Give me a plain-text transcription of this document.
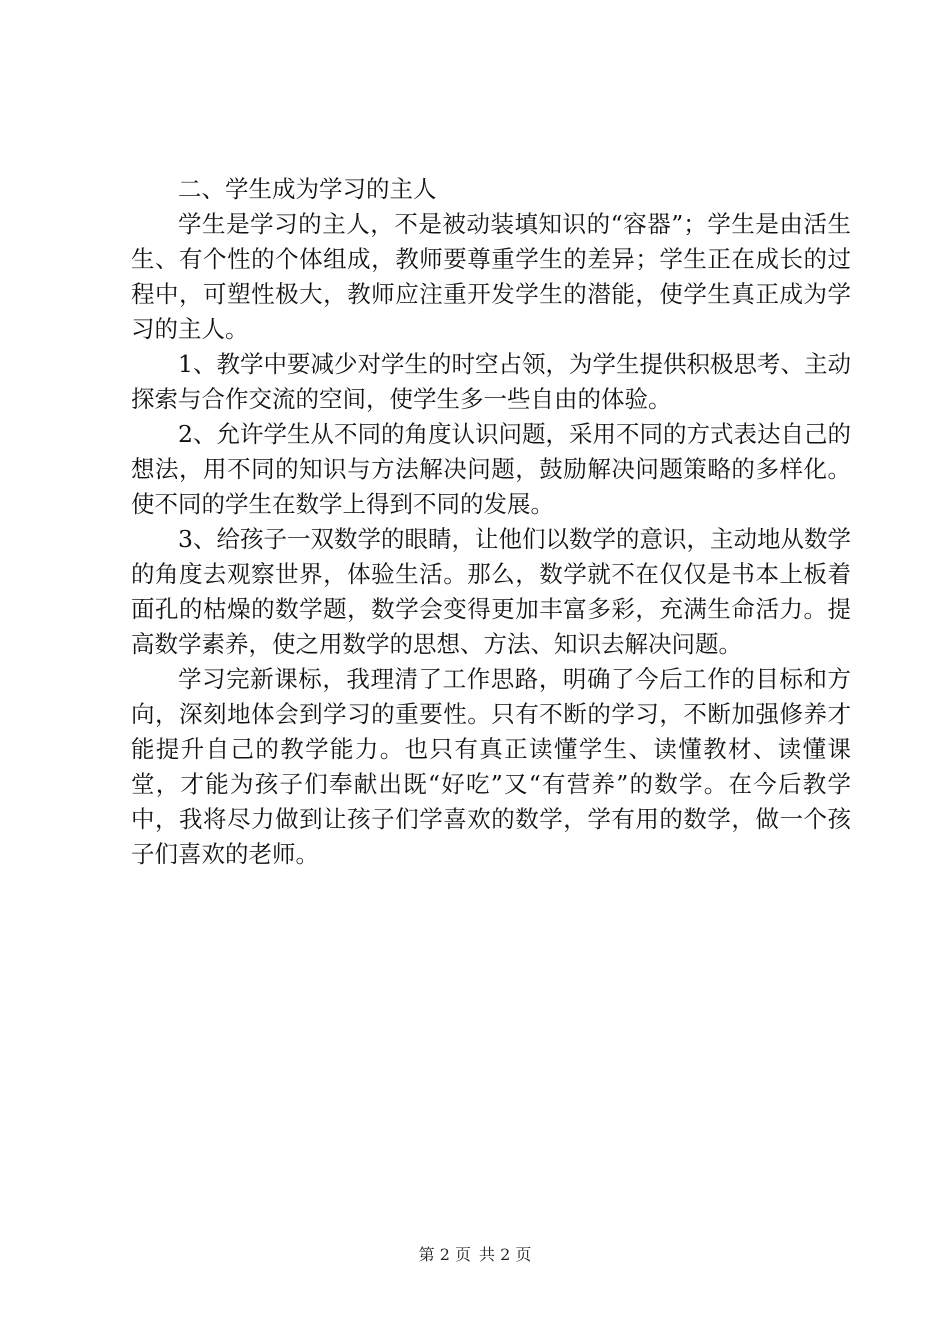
二、学生成为学习的主人

学生是学习的主人，不是被动装填知识的“容器”；学生是由活生生、有个性的个体组成，教师要尊重学生的差异；学生正在成长的过程中，可塑性极大，教师应注重开发学生的潜能，使学生真正成为学习的主人。

1、教学中要减少对学生的时空占领，为学生提供积极思考、主动探索与合作交流的空间，使学生多一些自由的体验。

2、允许学生从不同的角度认识问题，采用不同的方式表达自己的想法，用不同的知识与方法解决问题，鼓励解决问题策略的多样化。使不同的学生在数学上得到不同的发展。

3、给孩子一双数学的眼睛，让他们以数学的意识，主动地从数学的角度去观察世界，体验生活。那么，数学就不在仅仅是书本上板着面孔的枯燥的数学题，数学会变得更加丰富多彩，充满生命活力。提高数学素养，使之用数学的思想、方法、知识去解决问题。

学习完新课标，我理清了工作思路，明确了今后工作的目标和方向，深刻地体会到学习的重要性。只有不断的学习，不断加强修养才能提升自己的教学能力。也只有真正读懂学生、读懂教材、读懂课堂，才能为孩子们奉献出既“好吃”又“有营养”的数学。在今后教学中，我将尽力做到让孩子们学喜欢的数学，学有用的数学，做一个孩子们喜欢的老师。

第 2 页 共 2 页
